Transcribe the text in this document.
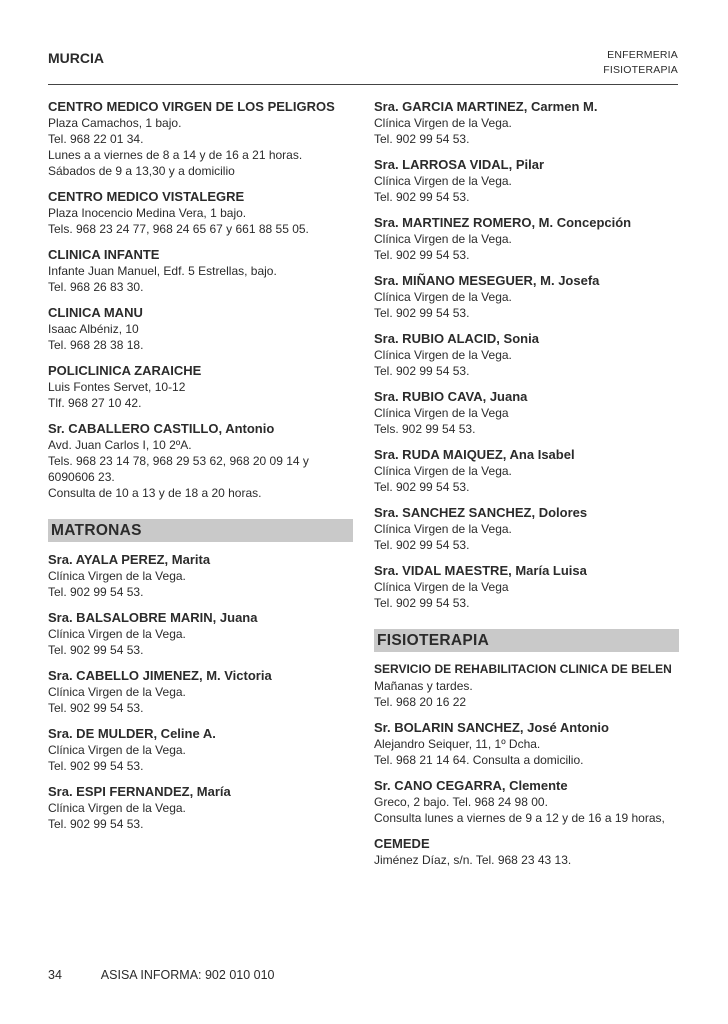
MURCIA	ENFERMERIA
FISIOTERAPIA
CENTRO MEDICO VIRGEN DE LOS PELIGROS
Plaza Camachos, 1 bajo.
Tel. 968 22 01 34.
Lunes a a viernes de 8 a 14 y de 16 a 21 horas.
Sábados de 9 a 13,30 y a domicilio
CENTRO MEDICO VISTALEGRE
Plaza Inocencio Medina Vera, 1 bajo.
Tels. 968 23 24 77, 968 24 65 67 y 661 88 55 05.
CLINICA INFANTE
Infante Juan Manuel, Edf. 5 Estrellas, bajo.
Tel. 968 26 83 30.
CLINICA MANU
Isaac Albéniz, 10
Tel. 968 28 38 18.
POLICLINICA ZARAICHE
Luis Fontes Servet, 10-12
Tlf. 968 27 10 42.
Sr. CABALLERO CASTILLO, Antonio
Avd. Juan Carlos I, 10 2ºA.
Tels. 968 23 14 78, 968 29 53 62, 968 20 09 14 y
6090606 23.
Consulta de 10 a 13 y de 18 a 20 horas.
MATRONAS
Sra. AYALA PEREZ, Marita
Clínica Virgen de la Vega.
Tel. 902 99 54 53.
Sra. BALSALOBRE MARIN, Juana
Clínica Virgen de la Vega.
Tel. 902 99 54 53.
Sra. CABELLO JIMENEZ, M. Victoria
Clínica Virgen de la Vega.
Tel. 902 99 54 53.
Sra. DE MULDER, Celine A.
Clínica Virgen de la Vega.
Tel. 902 99 54 53.
Sra. ESPI FERNANDEZ, María
Clínica Virgen de la Vega.
Tel. 902 99 54 53.
Sra. GARCIA MARTINEZ, Carmen M.
Clínica Virgen de la Vega.
Tel. 902 99 54 53.
Sra. LARROSA VIDAL, Pilar
Clínica Virgen de la Vega.
Tel. 902 99 54 53.
Sra. MARTINEZ ROMERO, M. Concepción
Clínica Virgen de la Vega.
Tel. 902 99 54 53.
Sra. MIÑANO MESEGUER, M. Josefa
Clínica Virgen de la Vega.
Tel. 902 99 54 53.
Sra. RUBIO ALACID, Sonia
Clínica Virgen de la Vega.
Tel. 902 99 54 53.
Sra. RUBIO CAVA, Juana
Clínica Virgen de la Vega
Tels. 902 99 54 53.
Sra. RUDA MAIQUEZ, Ana Isabel
Clínica Virgen de la Vega.
Tel. 902 99 54 53.
Sra. SANCHEZ SANCHEZ, Dolores
Clínica Virgen de la Vega.
Tel. 902 99 54 53.
Sra. VIDAL MAESTRE, María Luisa
Clínica Virgen de la Vega
Tel. 902 99 54 53.
FISIOTERAPIA
SERVICIO DE REHABILITACION CLINICA DE BELEN
Mañanas y tardes.
Tel. 968 20 16 22
Sr. BOLARIN SANCHEZ, José Antonio
Alejandro Seiquer, 11, 1º Dcha.
Tel. 968 21 14 64. Consulta a domicilio.
Sr. CANO CEGARRA, Clemente
Greco, 2 bajo. Tel. 968 24 98 00.
Consulta lunes a viernes de 9 a 12 y de 16 a 19 horas,
CEMEDE
Jiménez Díaz, s/n. Tel. 968 23 43 13.
34	ASISA INFORMA: 902 010 010
